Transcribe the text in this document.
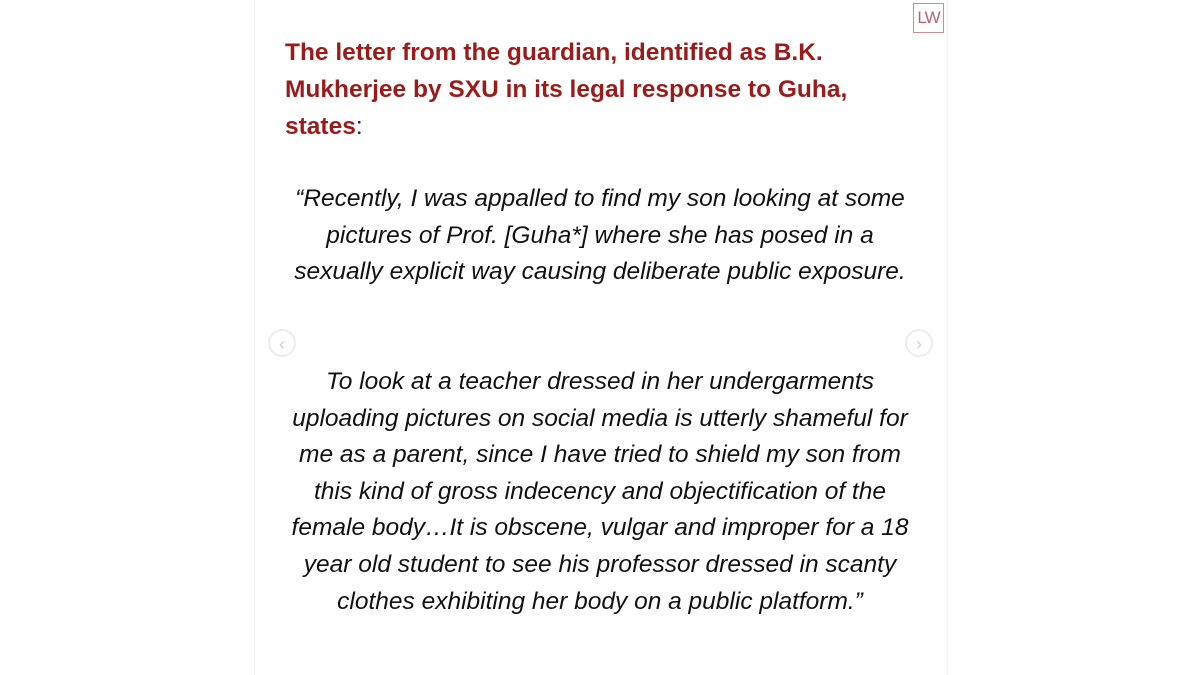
LW

The letter from the guardian, identified as B.K. Mukherjee by SXU in its legal response to Guha, states:

“Recently, I was appalled to find my son looking at some pictures of Prof. [Guha*] where she has posed in a sexually explicit way causing deliberate public exposure.

To look at a teacher dressed in her undergarments uploading pictures on social media is utterly shameful for me as a parent, since I have tried to shield my son from this kind of gross indecency and objectification of the female body…It is obscene, vulgar and improper for a 18 year old student to see his professor dressed in scanty clothes exhibiting her body on a public platform.”

‹	›
